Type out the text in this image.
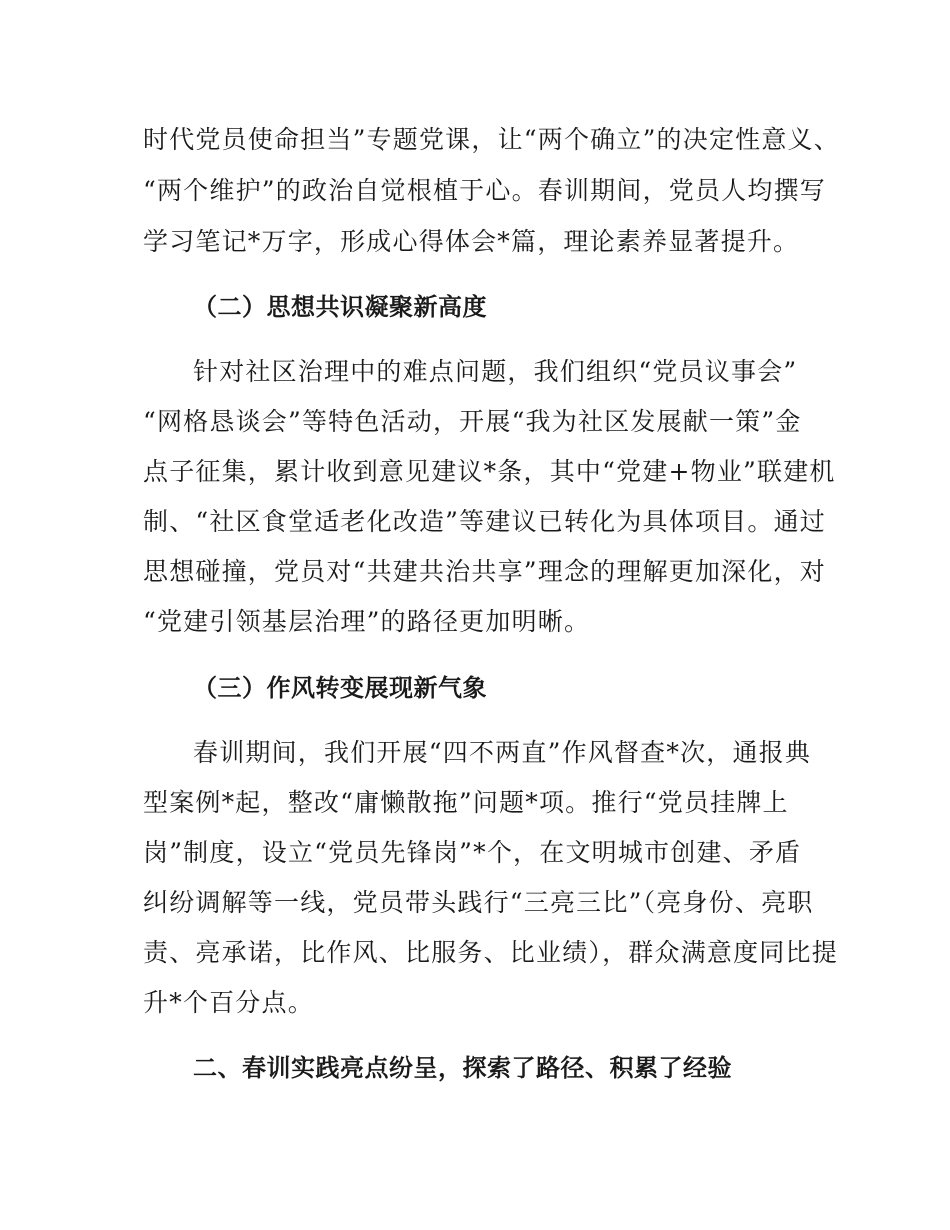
时代党员使命担当”专题党课，让“两个确立”的决定性意义、
“两个维护”的政治自觉根植于心。春训期间，党员人均撰写
学习笔记*万字，形成心得体会*篇，理论素养显著提升。
（二）思想共识凝聚新高度
针对社区治理中的难点问题，我们组织“党员议事会”
“网格恳谈会”等特色活动，开展“我为社区发展献一策”金
点子征集，累计收到意见建议*条，其中“党建+物业”联建机
制、“社区食堂适老化改造”等建议已转化为具体项目。通过
思想碰撞，党员对“共建共治共享”理念的理解更加深化，对
“党建引领基层治理”的路径更加明晰。
（三）作风转变展现新气象
春训期间，我们开展“四不两直”作风督查*次，通报典
型案例*起，整改“庸懒散拖”问题*项。推行“党员挂牌上
岗”制度，设立“党员先锋岗”*个，在文明城市创建、矛盾
纠纷调解等一线，党员带头践行“三亮三比”（亮身份、亮职
责、亮承诺，比作风、比服务、比业绩），群众满意度同比提
升*个百分点。
二、春训实践亮点纷呈，探索了路径、积累了经验
